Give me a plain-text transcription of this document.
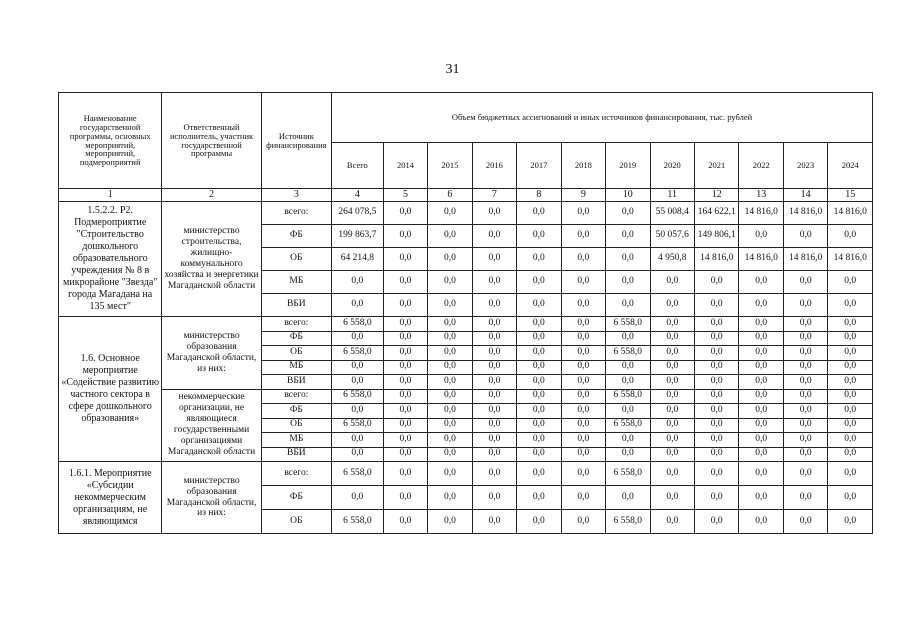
31
Наименование государственной программы, основных мероприятий, мероприятий, подмероприятий	Ответственный исполнитель, участник государственной программы	Источник финансирования	Объем бюджетных ассигнований и иных источников финансирования, тыс. рублей											
			Всего	2014	2015	2016	2017	2018	2019	2020	2021	2022	2023	2024
1	2	3	4	5	6	7	8	9	10	11	12	13	14	15
1.5.2.2. Р2. Подмероприятие "Строительство дошкольного образовательного учреждения № 8 в микрорайоне "Звезда" города Магадана на 135 мест"	министерство строительства, жилищно-коммунального хозяйства и энергетики Магаданской области	всего:	264 078,5	0,0	0,0	0,0	0,0	0,0	0,0	55 008,4	164 622,1	14 816,0	14 816,0	14 816,0
		ФБ	199 863,7	0,0	0,0	0,0	0,0	0,0	0,0	50 057,6	149 806,1	0,0	0,0	0,0
		ОБ	64 214,8	0,0	0,0	0,0	0,0	0,0	0,0	4 950,8	14 816,0	14 816,0	14 816,0	14 816,0
		МБ	0,0	0,0	0,0	0,0	0,0	0,0	0,0	0,0	0,0	0,0	0,0	0,0
		ВБИ	0,0	0,0	0,0	0,0	0,0	0,0	0,0	0,0	0,0	0,0	0,0	0,0
1.6. Основное мероприятие «Содействие развитию частного сектора в сфере дошкольного образования»	министерство образования Магаданской области, из них:	всего:	6 558,0	0,0	0,0	0,0	0,0	0,0	6 558,0	0,0	0,0	0,0	0,0	0,0
		ФБ	0,0	0,0	0,0	0,0	0,0	0,0	0,0	0,0	0,0	0,0	0,0	0,0
		ОБ	6 558,0	0,0	0,0	0,0	0,0	0,0	6 558,0	0,0	0,0	0,0	0,0	0,0
		МБ	0,0	0,0	0,0	0,0	0,0	0,0	0,0	0,0	0,0	0,0	0,0	0,0
		ВБИ	0,0	0,0	0,0	0,0	0,0	0,0	0,0	0,0	0,0	0,0	0,0	0,0
	некоммерческие организации, не являющиеся государственными организациями Магаданской области	всего:	6 558,0	0,0	0,0	0,0	0,0	0,0	6 558,0	0,0	0,0	0,0	0,0	0,0
		ФБ	0,0	0,0	0,0	0,0	0,0	0,0	0,0	0,0	0,0	0,0	0,0	0,0
		ОБ	6 558,0	0,0	0,0	0,0	0,0	0,0	6 558,0	0,0	0,0	0,0	0,0	0,0
		МБ	0,0	0,0	0,0	0,0	0,0	0,0	0,0	0,0	0,0	0,0	0,0	0,0
		ВБИ	0,0	0,0	0,0	0,0	0,0	0,0	0,0	0,0	0,0	0,0	0,0	0,0
1.6.1. Мероприятие «Субсидии некоммерческим организациям, не являющимся	министерство образования Магаданской области, из них:	всего:	6 558,0	0,0	0,0	0,0	0,0	0,0	6 558,0	0,0	0,0	0,0	0,0	0,0
		ФБ	0,0	0,0	0,0	0,0	0,0	0,0	0,0	0,0	0,0	0,0	0,0	0,0
		ОБ	6 558,0	0,0	0,0	0,0	0,0	0,0	6 558,0	0,0	0,0	0,0	0,0	0,0
